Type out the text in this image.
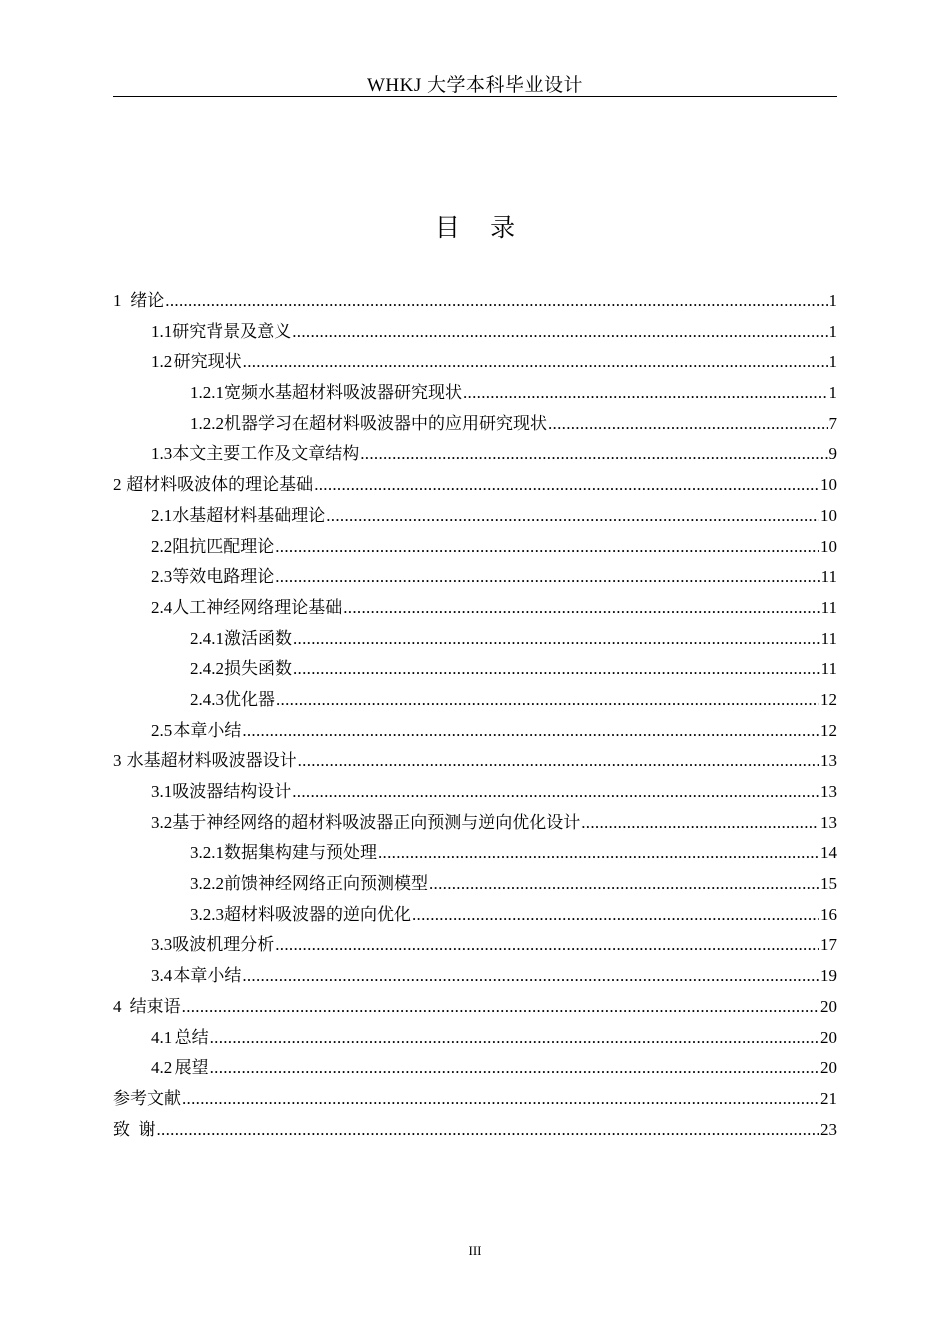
WHKJ 大学本科毕业设计
目 录
1 绪论 .....	1
1.1 研究背景及意义 .....	1
1.2 研究现状 .....	1
1.2.1 宽频水基超材料吸波器研究现状 .....	1
1.2.2 机器学习在超材料吸波器中的应用研究现状 .....	7
1.3 本文主要工作及文章结构 .....	9
2 超材料吸波体的理论基础 .....	10
2.1 水基超材料基础理论 .....	10
2.2 阻抗匹配理论 .....	10
2.3 等效电路理论 .....	11
2.4 人工神经网络理论基础 .....	11
2.4.1 激活函数 .....	11
2.4.2 损失函数 .....	11
2.4.3 优化器 .....	12
2.5 本章小结 .....	12
3 水基超材料吸波器设计 .....	13
3.1 吸波器结构设计 .....	13
3.2 基于神经网络的超材料吸波器正向预测与逆向优化设计 .....	13
3.2.1 数据集构建与预处理 .....	14
3.2.2 前馈神经网络正向预测模型 .....	15
3.2.3 超材料吸波器的逆向优化 .....	16
3.3 吸波机理分析 .....	17
3.4 本章小结 .....	19
4 结束语 .....	20
4.1 总结 .....	20
4.2 展望 .....	20
参考文献 .....	21
致  谢 .....	23
III
